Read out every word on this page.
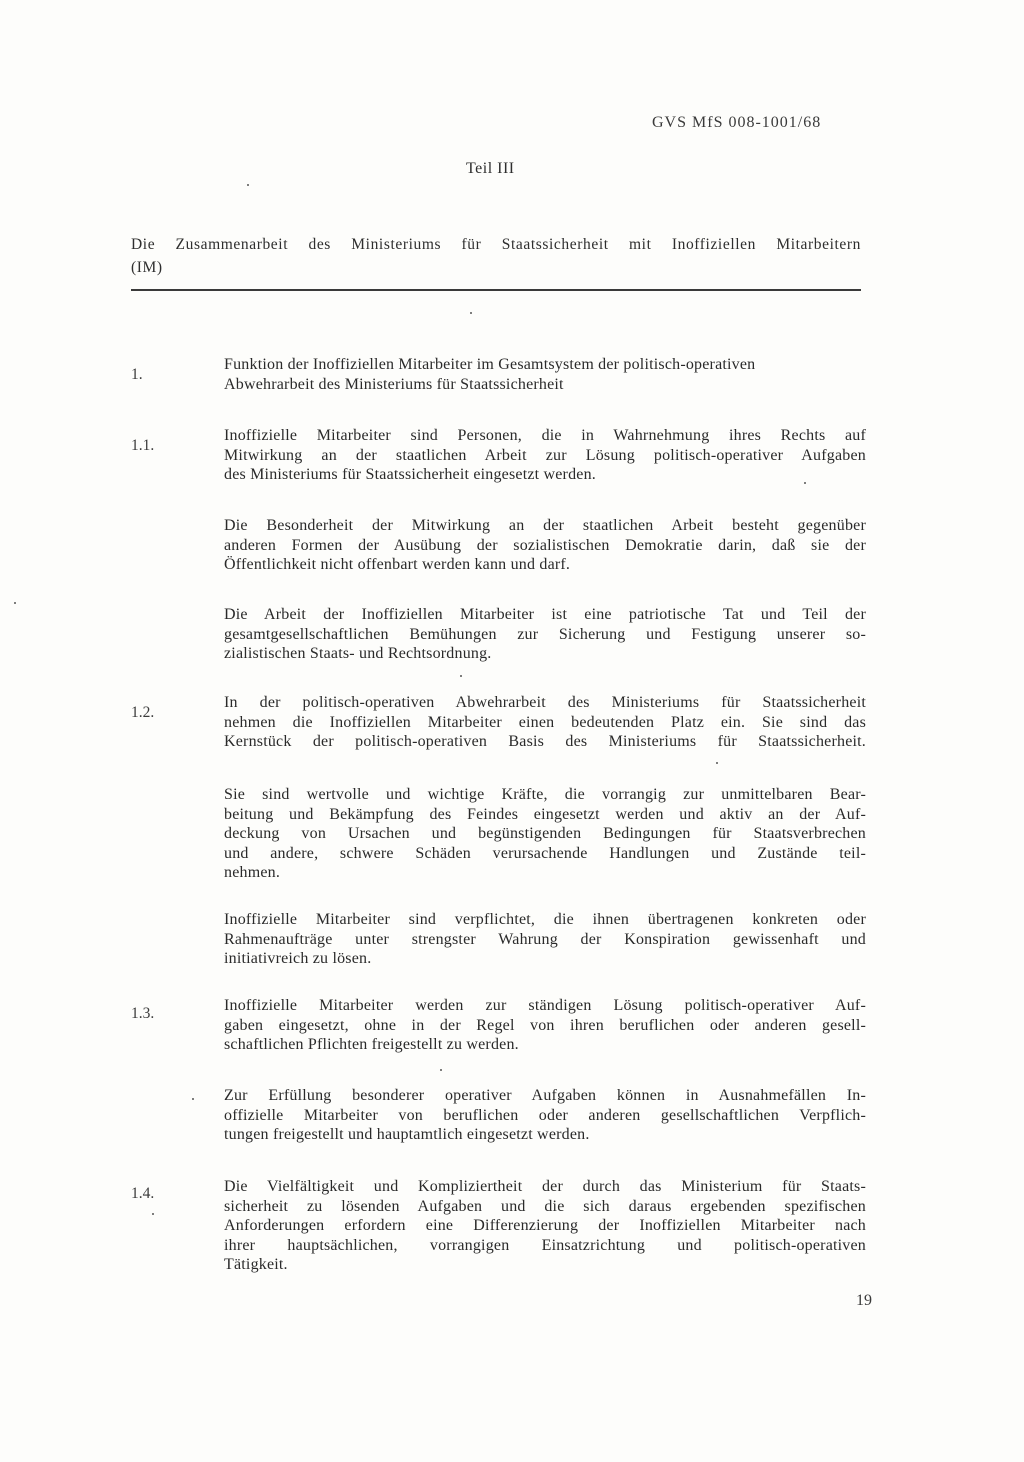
GVS MfS 008-1001/68
Teil III
Die Zusammenarbeit des Ministeriums für Staatssicherheit mit Inoffiziellen Mitarbeitern
(IM)
1.
Funktion der Inoffiziellen Mitarbeiter im Gesamtsystem der politisch-operativen
Abwehrarbeit des Ministeriums für Staatssicherheit
1.1.
Inoffizielle Mitarbeiter sind Personen, die in Wahrnehmung ihres Rechts auf
Mitwirkung an der staatlichen Arbeit zur Lösung politisch-operativer Aufgaben
des Ministeriums für Staatssicherheit eingesetzt werden.
Die Besonderheit der Mitwirkung an der staatlichen Arbeit besteht gegenüber
anderen Formen der Ausübung der sozialistischen Demokratie darin, daß sie der
Öffentlichkeit nicht offenbart werden kann und darf.
Die Arbeit der Inoffiziellen Mitarbeiter ist eine patriotische Tat und Teil der
gesamtgesellschaftlichen Bemühungen zur Sicherung und Festigung unserer so-
zialistischen Staats- und Rechtsordnung.
1.2.
In der politisch-operativen Abwehrarbeit des Ministeriums für Staatssicherheit
nehmen die Inoffiziellen Mitarbeiter einen bedeutenden Platz ein. Sie sind das
Kernstück der politisch-operativen Basis des Ministeriums für Staatssicherheit.
Sie sind wertvolle und wichtige Kräfte, die vorrangig zur unmittelbaren Bear-
beitung und Bekämpfung des Feindes eingesetzt werden und aktiv an der Auf-
deckung von Ursachen und begünstigenden Bedingungen für Staatsverbrechen
und andere, schwere Schäden verursachende Handlungen und Zustände teil-
nehmen.
Inoffizielle Mitarbeiter sind verpflichtet, die ihnen übertragenen konkreten oder
Rahmenaufträge unter strengster Wahrung der Konspiration gewissenhaft und
initiativreich zu lösen.
1.3.	Inoffizielle Mitarbeiter werden zur ständigen Lösung politisch-operativer Auf-
gaben eingesetzt, ohne in der Regel von ihren beruflichen oder anderen gesell-
schaftlichen Pflichten freigestellt zu werden.
Zur Erfüllung besonderer operativer Aufgaben können in Ausnahmefällen In-
offizielle Mitarbeiter von beruflichen oder anderen gesellschaftlichen Verpflich-
tungen freigestellt und hauptamtlich eingesetzt werden.
1.4.	Die Vielfältigkeit und Kompliziertheit der durch das Ministerium für Staats-
sicherheit zu lösenden Aufgaben und die sich daraus ergebenden spezifischen
Anforderungen erfordern eine Differenzierung der Inoffiziellen Mitarbeiter nach
ihrer hauptsächlichen, vorrangigen Einsatzrichtung und politisch-operativen
Tätigkeit.
19
